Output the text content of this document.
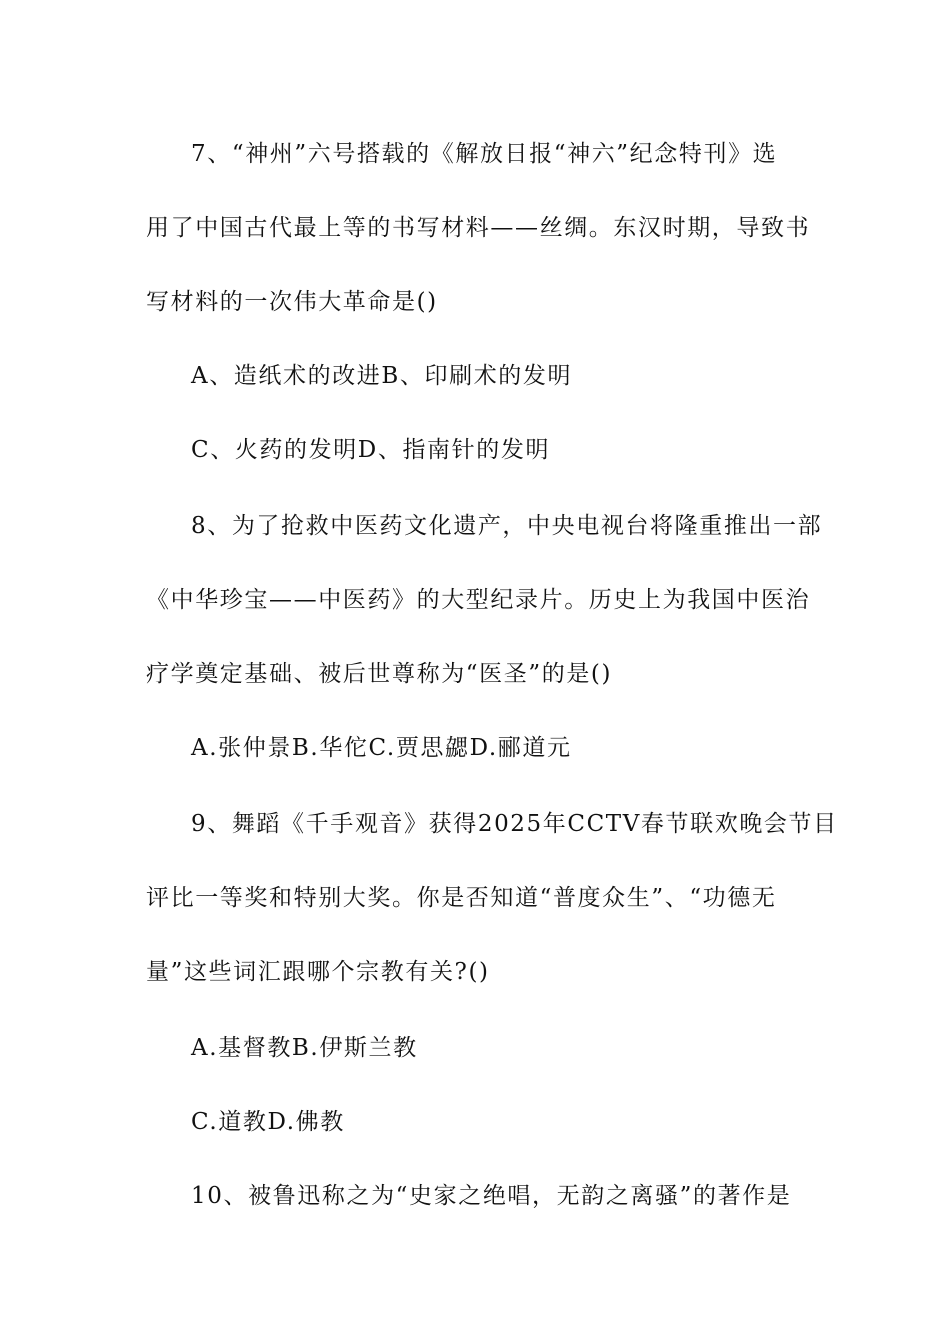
7、“神州”六号搭载的《解放日报“神六”纪念特刊》选
用了中国古代最上等的书写材料——丝绸。东汉时期，导致书
写材料的一次伟大革命是()
A、造纸术的改进B、印刷术的发明
C、火药的发明D、指南针的发明
8、为了抢救中医药文化遗产，中央电视台将隆重推出一部
《中华珍宝——中医药》的大型纪录片。历史上为我国中医治
疗学奠定基础、被后世尊称为“医圣”的是()
A.张仲景B.华佗C.贾思勰D.郦道元
9、舞蹈《千手观音》获得2025年CCTV春节联欢晚会节目
评比一等奖和特别大奖。你是否知道“普度众生”、“功德无
量”这些词汇跟哪个宗教有关?()
A.基督教B.伊斯兰教
C.道教D.佛教
10、被鲁迅称之为“史家之绝唱，无韵之离骚”的著作是
